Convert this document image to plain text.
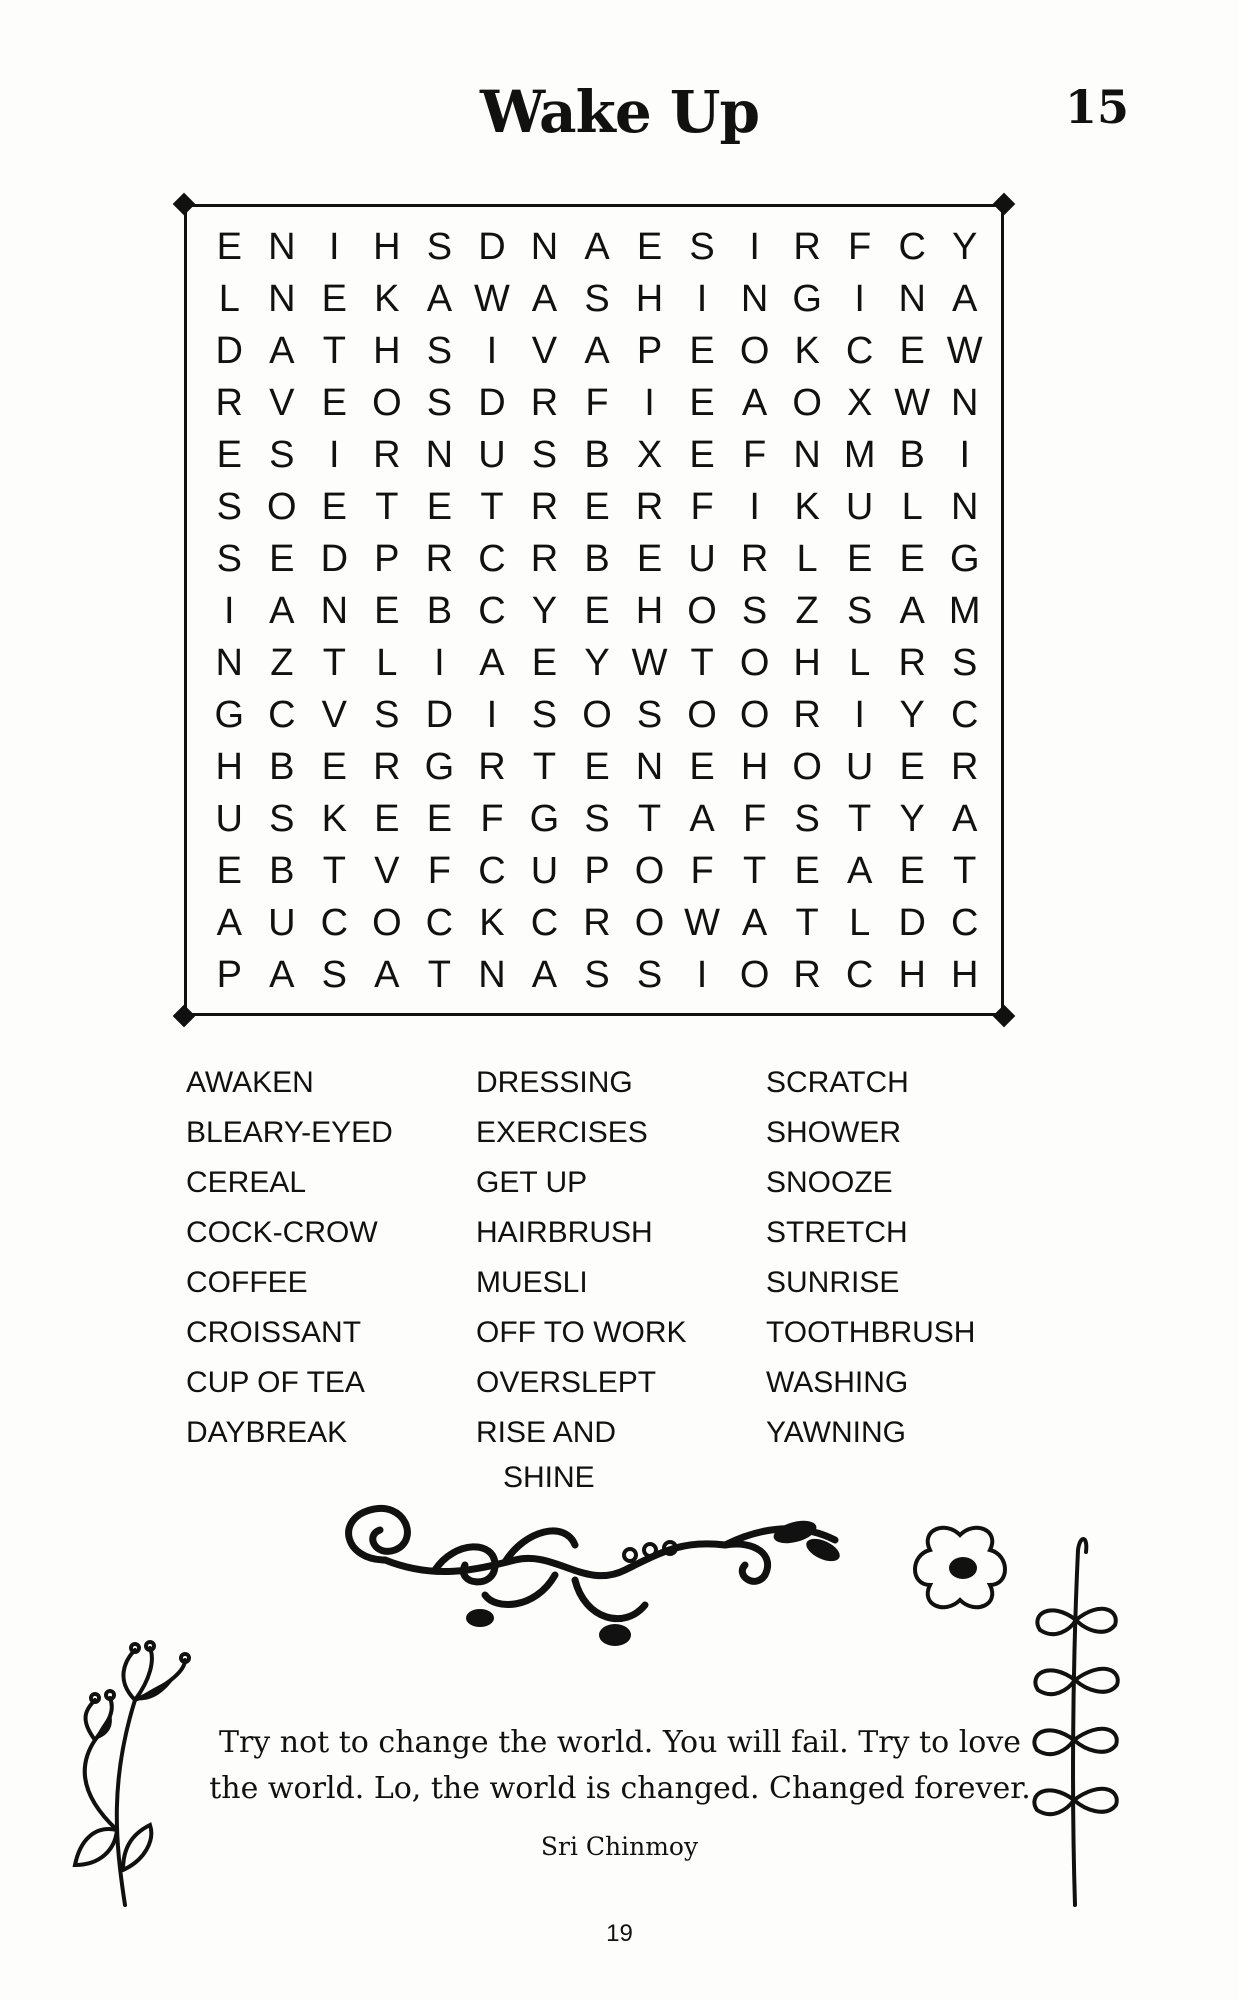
Wake Up	15
E N I H S D N A E S I R F C Y
L N E K A W A S H I N G I N A
D A T H S I V A P E O K C E W
R V E O S D R F I E A O X W N
E S I R N U S B X E F N M B I
S O E T E T R E R F I K U L N
S E D P R C R B E U R L E E G
I A N E B C Y E H O S Z S A M
N Z T L I A E Y W T O H L R S
G C V S D I S O S O O R I Y C
H B E R G R T E N E H O U E R
U S K E E F G S T A F S T Y A
E B T V F C U P O F T E A E T
A U C O C K C R O W A T L D C
P A S A T N A S S I O R C H H
AWAKEN
BLEARY-EYED
CEREAL
COCK-CROW
COFFEE
CROISSANT
CUP OF TEA
DAYBREAK
DRESSING
EXERCISES
GET UP
HAIRBRUSH
MUESLI
OFF TO WORK
OVERSLEPT
RISE AND
SHINE
SCRATCH
SHOWER
SNOOZE
STRETCH
SUNRISE
TOOTHBRUSH
WASHING
YAWNING
Try not to change the world. You will fail. Try to love
the world. Lo, the world is changed. Changed forever.
Sri Chinmoy
19
